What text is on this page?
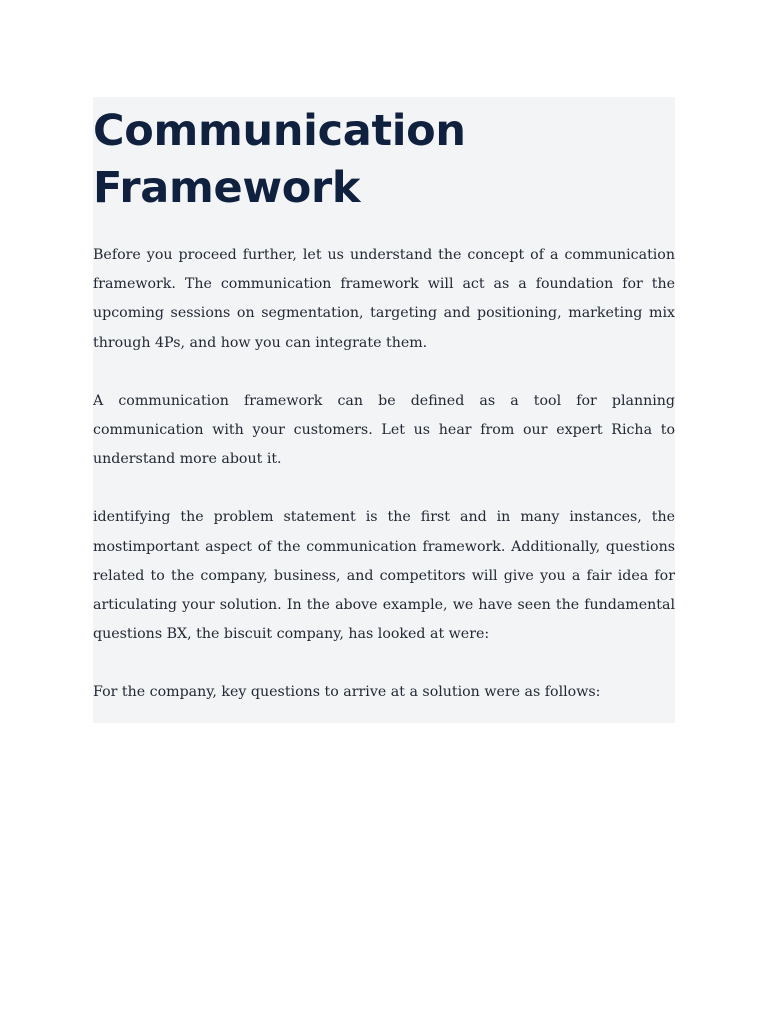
Communication Framework

Before you proceed further, let us understand the concept of a communication framework. The communication framework will act as a foundation for the upcoming sessions on segmentation, targeting and positioning, marketing mix through 4Ps, and how you can integrate them.

A communication framework can be defined as a tool for planning communication with your customers. Let us hear from our expert Richa to understand more about it.

identifying the problem statement is the first and in many instances, the mostimportant aspect of the communication framework. Additionally, questions related to the company, business, and competitors will give you a fair idea for articulating your solution. In the above example, we have seen the fundamental questions BX, the biscuit company, has looked at were:

For the company, key questions to arrive at a solution were as follows:
